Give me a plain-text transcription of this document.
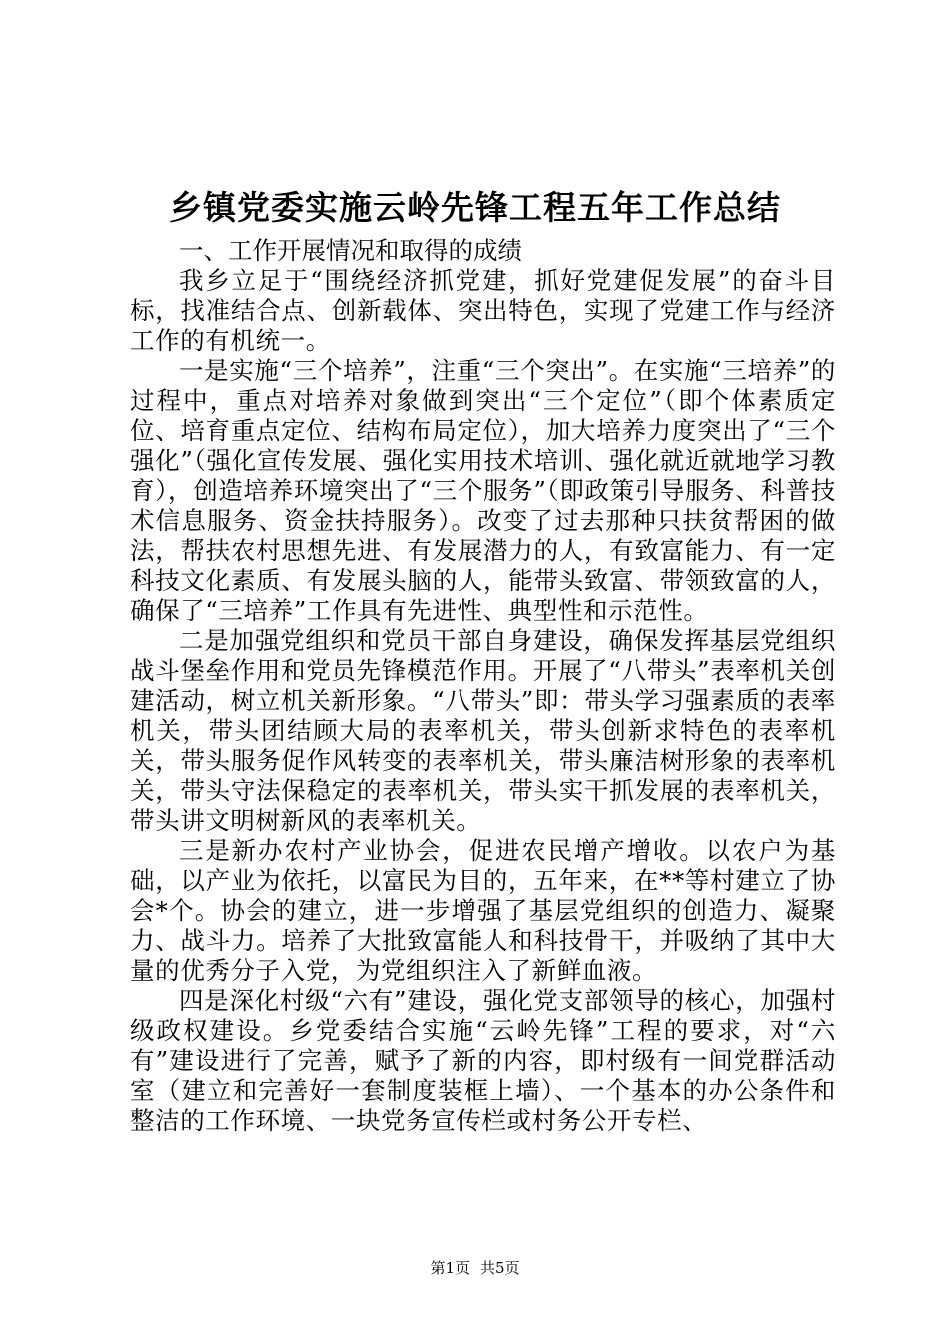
乡镇党委实施云岭先锋工程五年工作总结

一、工作开展情况和取得的成绩

我乡立足于“围绕经济抓党建，抓好党建促发展”的奋斗目标，找准结合点、创新载体、突出特色，实现了党建工作与经济工作的有机统一。

一是实施“三个培养”，注重“三个突出”。在实施“三培养”的过程中，重点对培养对象做到突出“三个定位”（即个体素质定位、培育重点定位、结构布局定位），加大培养力度突出了“三个强化”（强化宣传发展、强化实用技术培训、强化就近就地学习教育），创造培养环境突出了“三个服务”（即政策引导服务、科普技术信息服务、资金扶持服务）。改变了过去那种只扶贫帮困的做法，帮扶农村思想先进、有发展潜力的人，有致富能力、有一定科技文化素质、有发展头脑的人，能带头致富、带领致富的人，确保了“三培养”工作具有先进性、典型性和示范性。

二是加强党组织和党员干部自身建设，确保发挥基层党组织战斗堡垒作用和党员先锋模范作用。开展了“八带头”表率机关创建活动，树立机关新形象。“八带头”即：带头学习强素质的表率机关，带头团结顾大局的表率机关，带头创新求特色的表率机关，带头服务促作风转变的表率机关，带头廉洁树形象的表率机关，带头守法保稳定的表率机关，带头实干抓发展的表率机关，带头讲文明树新风的表率机关。

三是新办农村产业协会，促进农民增产增收。以农户为基础，以产业为依托，以富民为目的，五年来，在**等村建立了协会*个。协会的建立，进一步增强了基层党组织的创造力、凝聚力、战斗力。培养了大批致富能人和科技骨干，并吸纳了其中大量的优秀分子入党，为党组织注入了新鲜血液。

四是深化村级“六有”建设，强化党支部领导的核心，加强村级政权建设。乡党委结合实施“云岭先锋”工程的要求，对“六有”建设进行了完善，赋予了新的内容，即村级有一间党群活动室（建立和完善好一套制度装框上墙）、一个基本的办公条件和整洁的工作环境、一块党务宣传栏或村务公开专栏、

第1页 共5页
